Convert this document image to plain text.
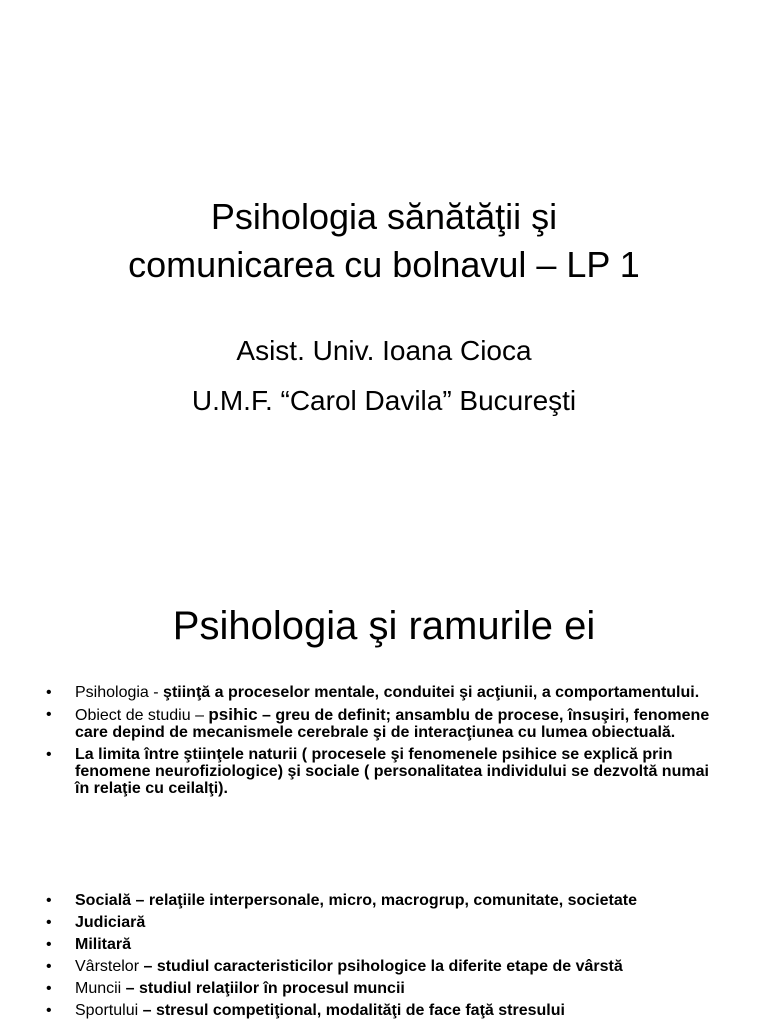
Psihologia sănătăţii şi
comunicarea cu bolnavul – LP 1
Asist. Univ. Ioana Cioca
U.M.F. “Carol Davila” Bucureşti
Psihologia şi ramurile ei
• Psihologia - ştiinţă a proceselor mentale, conduitei şi acţiunii, a comportamentului.
• Obiect de studiu – psihic – greu de definit; ansamblu de procese, însuşiri, fenomene care depind de mecanismele cerebrale şi de interacţiunea cu lumea obiectuală.
• La limita între ştiinţele naturii ( procesele şi fenomenele psihice se explică prin fenomene neurofiziologice) şi sociale ( personalitatea individului se dezvoltă numai în relaţie cu ceilalţi).
• Socială – relaţiile interpersonale, micro, macrogrup, comunitate, societate
• Judiciară
• Militară
• Vârstelor – studiul caracteristicilor psihologice la diferite etape de vârstă
• Muncii – studiul relaţiilor în procesul muncii
• Sportului – stresul competiţional, modalităţi de face faţă stresului
